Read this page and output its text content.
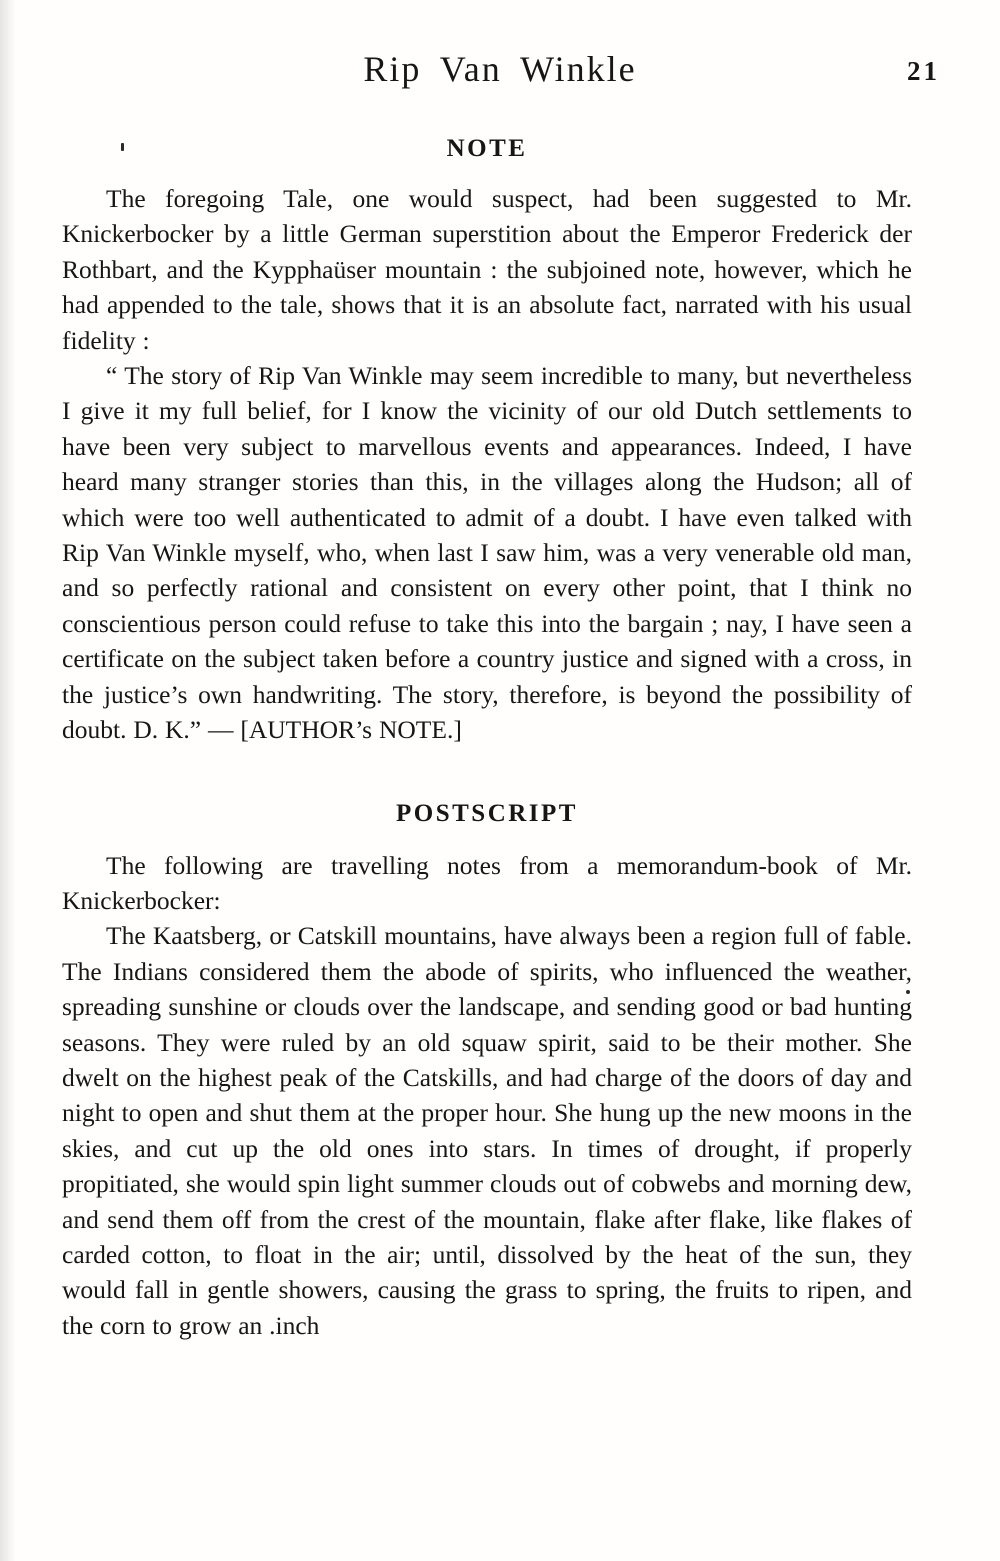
Rip Van Winkle	21
NOTE

The foregoing Tale, one would suspect, had been suggested to Mr. Knickerbocker by a little German superstition about the Emperor Frederick der Rothbart, and the Kypphaüser mountain : the subjoined note, however, which he had appended to the tale, shows that it is an absolute fact, narrated with his usual fidelity :

“ The story of Rip Van Winkle may seem incredible to many, but nevertheless I give it my full belief, for I know the vicinity of our old Dutch settlements to have been very subject to marvellous events and appearances. Indeed, I have heard many stranger stories than this, in the villages along the Hudson; all of which were too well authenticated to admit of a doubt. I have even talked with Rip Van Winkle myself, who, when last I saw him, was a very venerable old man, and so perfectly rational and consistent on every other point, that I think no conscientious person could refuse to take this into the bargain ; nay, I have seen a certificate on the subject taken before a country justice and signed with a cross, in the justice’s own handwriting. The story, therefore, is beyond the possibility of doubt. D. K.” — [AUTHOR’s NOTE.]

POSTSCRIPT

The following are travelling notes from a memorandum-book of Mr. Knickerbocker:

The Kaatsberg, or Catskill mountains, have always been a region full of fable. The Indians considered them the abode of spirits, who influenced the weather, spreading sunshine or clouds over the landscape, and sending good or bad hunting seasons. They were ruled by an old squaw spirit, said to be their mother. She dwelt on the highest peak of the Catskills, and had charge of the doors of day and night to open and shut them at the proper hour. She hung up the new moons in the skies, and cut up the old ones into stars. In times of drought, if properly propitiated, she would spin light summer clouds out of cobwebs and morning dew, and send them off from the crest of the mountain, flake after flake, like flakes of carded cotton, to float in the air; until, dissolved by the heat of the sun, they would fall in gentle showers, causing the grass to spring, the fruits to ripen, and the corn to grow an .inch
